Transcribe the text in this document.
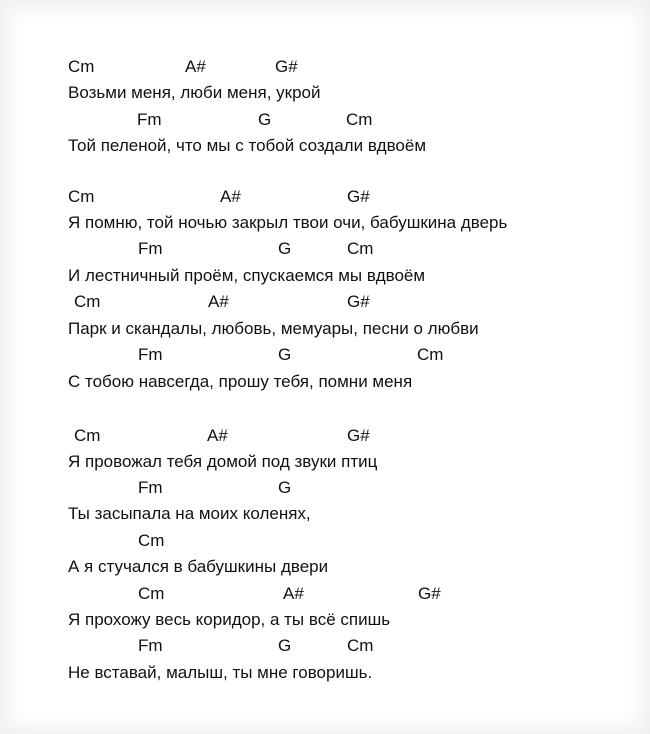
Cm	A#	G#
Возьми меня, люби меня, укрой
Fm	G	Cm
Той пеленой, что мы с тобой создали вдвоём
Cm	A#	G#
Я помню, той ночью закрыл твои очи, бабушкина дверь
Fm	G	Cm
И лестничный проём, спускаемся мы вдвоём
Cm	A#	G#
Парк и скандалы, любовь, мемуары, песни о любви
Fm	G	Cm
С тобою навсегда, прошу тебя, помни меня
Cm	A#	G#
Я провожал тебя домой под звуки птиц
Fm	G
Ты засыпала на моих коленях,
Cm
А я стучался в бабушкины двери
Cm	A#	G#
Я прохожу весь коридор, а ты всё спишь
Fm	G	Cm
Не вставай, малыш, ты мне говоришь.
